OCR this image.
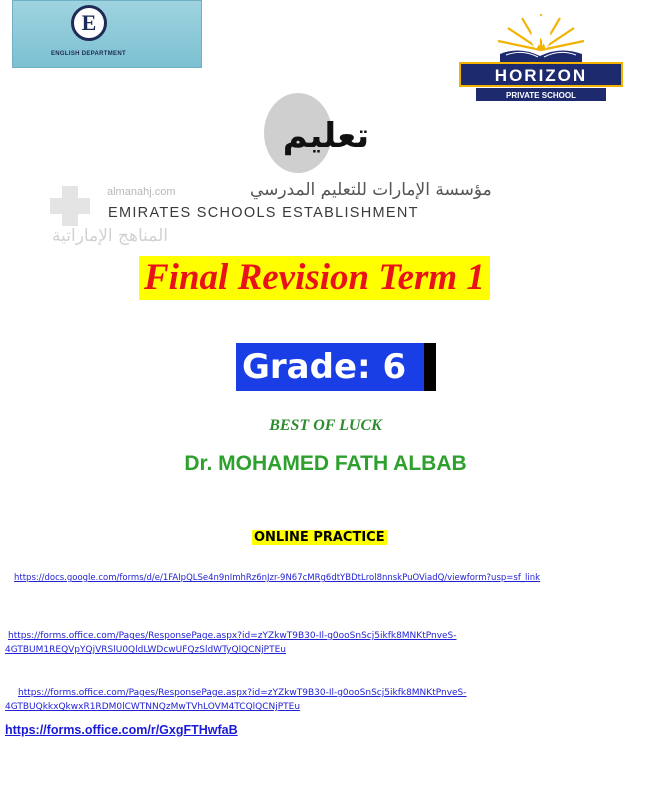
E
ENGLISH DEPARTMENT
HORIZON
PRIVATE SCHOOL
تعليم
مؤسسة الإمارات للتعليم المدرسي
EMIRATES SCHOOLS ESTABLISHMENT
almanahj.com
المناهج الإماراتية
Final Revision Term 1
Grade: 6
BEST OF LUCK
Dr. MOHAMED FATH ALBAB
ONLINE PRACTICE
https://docs.google.com/forms/d/e/1FAIpQLSe4n9nImhRz6nJzr-9N67cMRg6dtYBDtLrol8nnskPuOViadQ/viewform?usp=sf_link
https://forms.office.com/Pages/ResponsePage.aspx?id=zYZkwT9B30-Il-g0ooSnScj5ikfk8MNKtPnveS-
4GTBUM1REQVpYQjVRSlU0QldLWDcwUFQzSldWTyQlQCNjPTEu
https://forms.office.com/Pages/ResponsePage.aspx?id=zYZkwT9B30-Il-g0ooSnScj5ikfk8MNKtPnveS-
4GTBUQkkxQkwxR1RDM0lCWTNNQzMwTVhLOVM4TCQlQCNjPTEu
https://forms.office.com/r/GxgFTHwfaB
